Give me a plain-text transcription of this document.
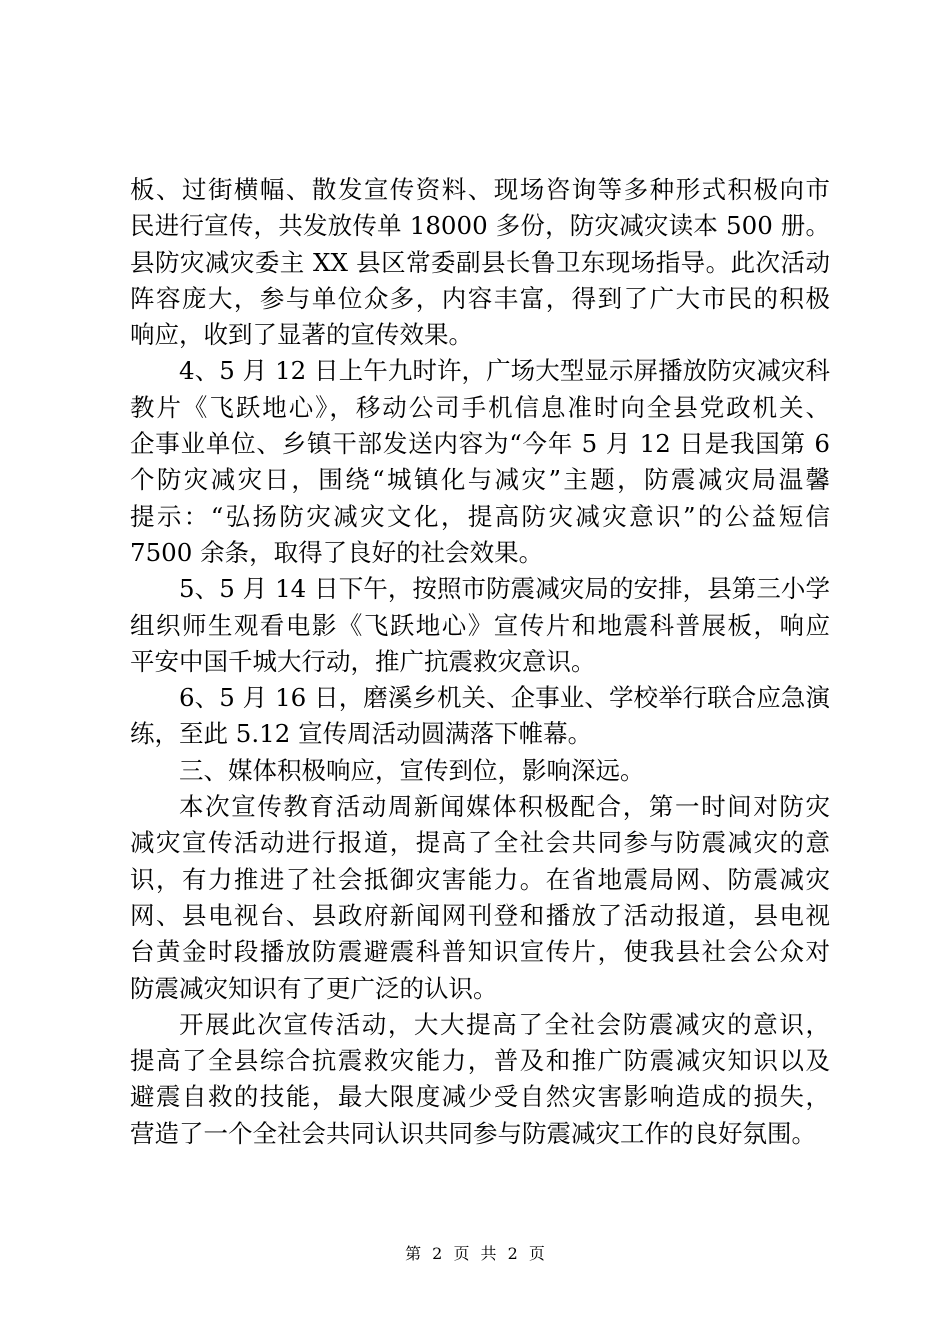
板、过街横幅、散发宣传资料、现场咨询等多种形式积极向市
民进行宣传，共发放传单 18000 多份，防灾减灾读本 500 册。
县防灾减灾委主 XX 县区常委副县长鲁卫东现场指导。此次活动
阵容庞大，参与单位众多，内容丰富，得到了广大市民的积极
响应，收到了显著的宣传效果。
4、5 月 12 日上午九时许，广场大型显示屏播放防灾减灾科
教片《飞跃地心》，移动公司手机信息准时向全县党政机关、
企事业单位、乡镇干部发送内容为“今年 5 月 12 日是我国第 6
个防灾减灾日，围绕“城镇化与减灾”主题，防震减灾局温馨
提示：“弘扬防灾减灾文化，提高防灾减灾意识”的公益短信
7500 余条，取得了良好的社会效果。
5、5 月 14 日下午，按照市防震减灾局的安排，县第三小学
组织师生观看电影《飞跃地心》宣传片和地震科普展板，响应
平安中国千城大行动，推广抗震救灾意识。
6、5 月 16 日，磨溪乡机关、企事业、学校举行联合应急演
练，至此 5.12 宣传周活动圆满落下帷幕。
三、媒体积极响应，宣传到位，影响深远。
本次宣传教育活动周新闻媒体积极配合，第一时间对防灾
减灾宣传活动进行报道，提高了全社会共同参与防震减灾的意
识，有力推进了社会抵御灾害能力。在省地震局网、防震减灾
网、县电视台、县政府新闻网刊登和播放了活动报道，县电视
台黄金时段播放防震避震科普知识宣传片，使我县社会公众对
防震减灾知识有了更广泛的认识。
开展此次宣传活动，大大提高了全社会防震减灾的意识，
提高了全县综合抗震救灾能力，普及和推广防震减灾知识以及
避震自救的技能，最大限度减少受自然灾害影响造成的损失，
营造了一个全社会共同认识共同参与防震减灾工作的良好氛围。
第 2 页 共 2 页
